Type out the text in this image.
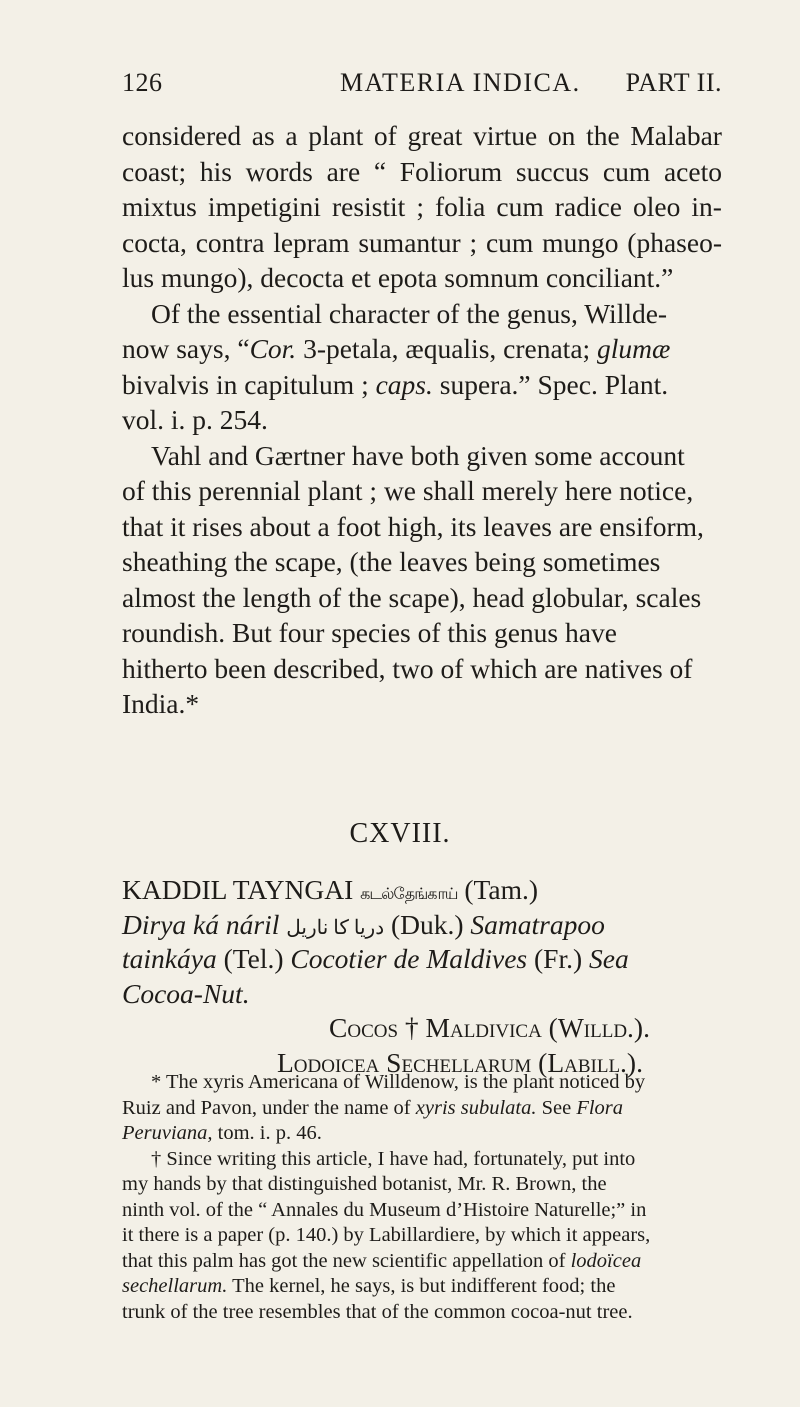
126	MATERIA INDICA. PART II.
considered as a plant of great virtue on the Malabar
coast; his words are “ Foliorum succus cum aceto
mixtus impetigini resistit ; folia cum radice oleo in-
cocta, contra lepram sumantur ; cum mungo (phaseo-
lus mungo), decocta et epota somnum conciliant.”
Of the essential character of the genus, Willde-
now says, “Cor. 3-petala, æqualis, crenata; glumæ
bivalvis in capitulum ; caps. supera.” Spec. Plant.
vol. i. p. 254.
Vahl and Gærtner have both given some account
of this perennial plant ; we shall merely here notice,
that it rises about a foot high, its leaves are ensiform,
sheathing the scape, (the leaves being sometimes
almost the length of the scape), head globular, scales
roundish. But four species of this genus have
hitherto been described, two of which are natives of
India.*
CXVIII.
KADDIL TAYNGAI கடல்தேங்காய் (Tam.)
Dirya ká náril دریا کا ناریل (Duk.) Samatrapoo
tainkáya (Tel.) Cocotier de Maldives (Fr.) Sea
Cocoa-Nut.
Cocos † Maldivica (Willd.).
Lodoicea Sechellarum (Labill.).
* The xyris Americana of Willdenow, is the plant noticed by
Ruiz and Pavon, under the name of xyris subulata. See Flora
Peruviana, tom. i. p. 46.
† Since writing this article, I have had, fortunately, put into
my hands by that distinguished botanist, Mr. R. Brown, the
ninth vol. of the “ Annales du Museum d’Histoire Naturelle;” in
it there is a paper (p. 140.) by Labillardiere, by which it appears,
that this palm has got the new scientific appellation of lodoïcea
sechellarum. The kernel, he says, is but indifferent food; the
trunk of the tree resembles that of the common cocoa-nut tree.
